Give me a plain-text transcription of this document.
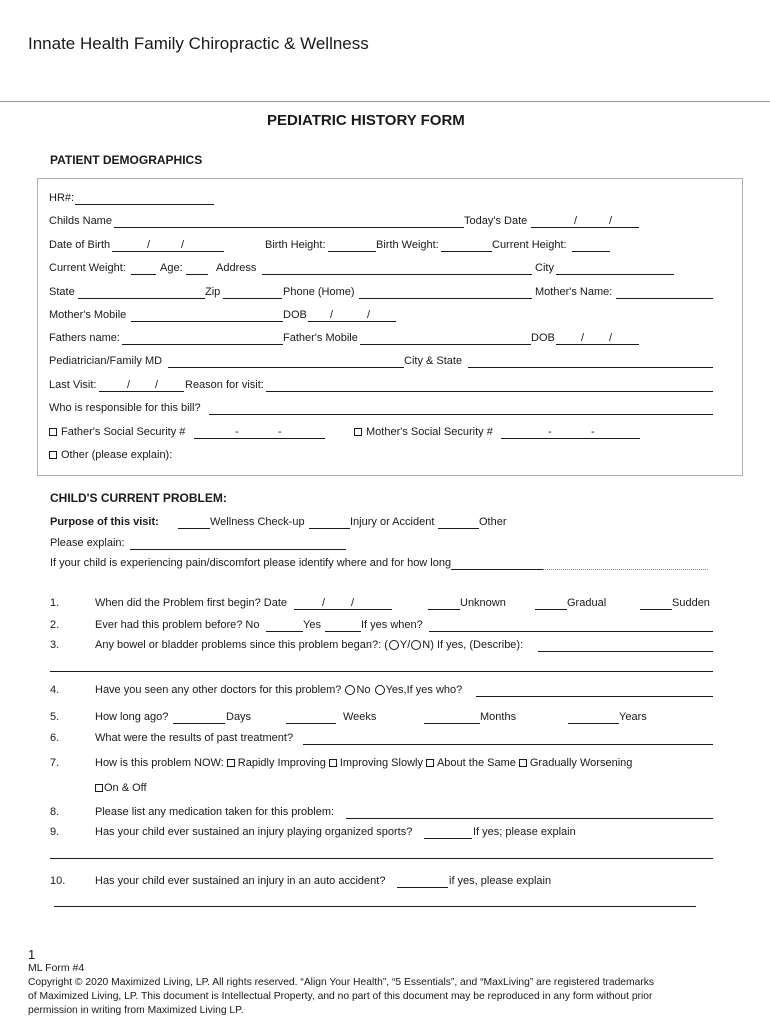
Innate Health Family Chiropractic & Wellness
PEDIATRIC HISTORY FORM
PATIENT DEMOGRAPHICS
HR#:
Childs Name	Today's Date	/	/
Date of Birth	/	/	Birth Height:	Birth Weight:	Current Height:
Current Weight:	Age:	Address	City
State	Zip	Phone (Home)	Mother's Name:
Mother's Mobile	DOB /	/
Fathers name:	Father's Mobile	DOB / /
Pediatrician/Family MD	City & State
Last Visit:	/ / Reason for visit:
Who is responsible for this bill?
Father's Social Security #	-	-	Mother's Social Security #	-	-
Other (please explain):
CHILD'S CURRENT PROBLEM:
Purpose of this visit:	Wellness Check-up	Injury or Accident	Other
Please explain:
If your child is experiencing pain/discomfort please identify where and for how long
1.	When did the Problem first begin? Date	/ /	Unknown	Gradual	Sudden
2.	Ever had this problem before? No	Yes	If yes when?
3.	Any bowel or bladder problems since this problem began?: ( Y/ N) If yes, (Describe):
4.	Have you seen any other doctors for this problem? No Yes,If yes who?
5.	How long ago?	Days	Weeks	Months	Years
6.	What were the results of past treatment?
7.	How is this problem NOW: Rapidly Improving Improving Slowly About the Same Gradually Worsening
On & Off
8.	Please list any medication taken for this problem:
9.	Has your child ever sustained an injury playing organized sports?	If yes; please explain
10.	Has your child ever sustained an injury in an auto accident?	if yes, please explain
1
ML Form #4
Copyright © 2020 Maximized Living, LP. All rights reserved. “Align Your Health”, “5 Essentials”, and “MaxLiving” are registered trademarks
of Maximized Living, LP. This document is Intellectual Property, and no part of this document may be reproduced in any form without prior
permission in writing from Maximized Living LP.
